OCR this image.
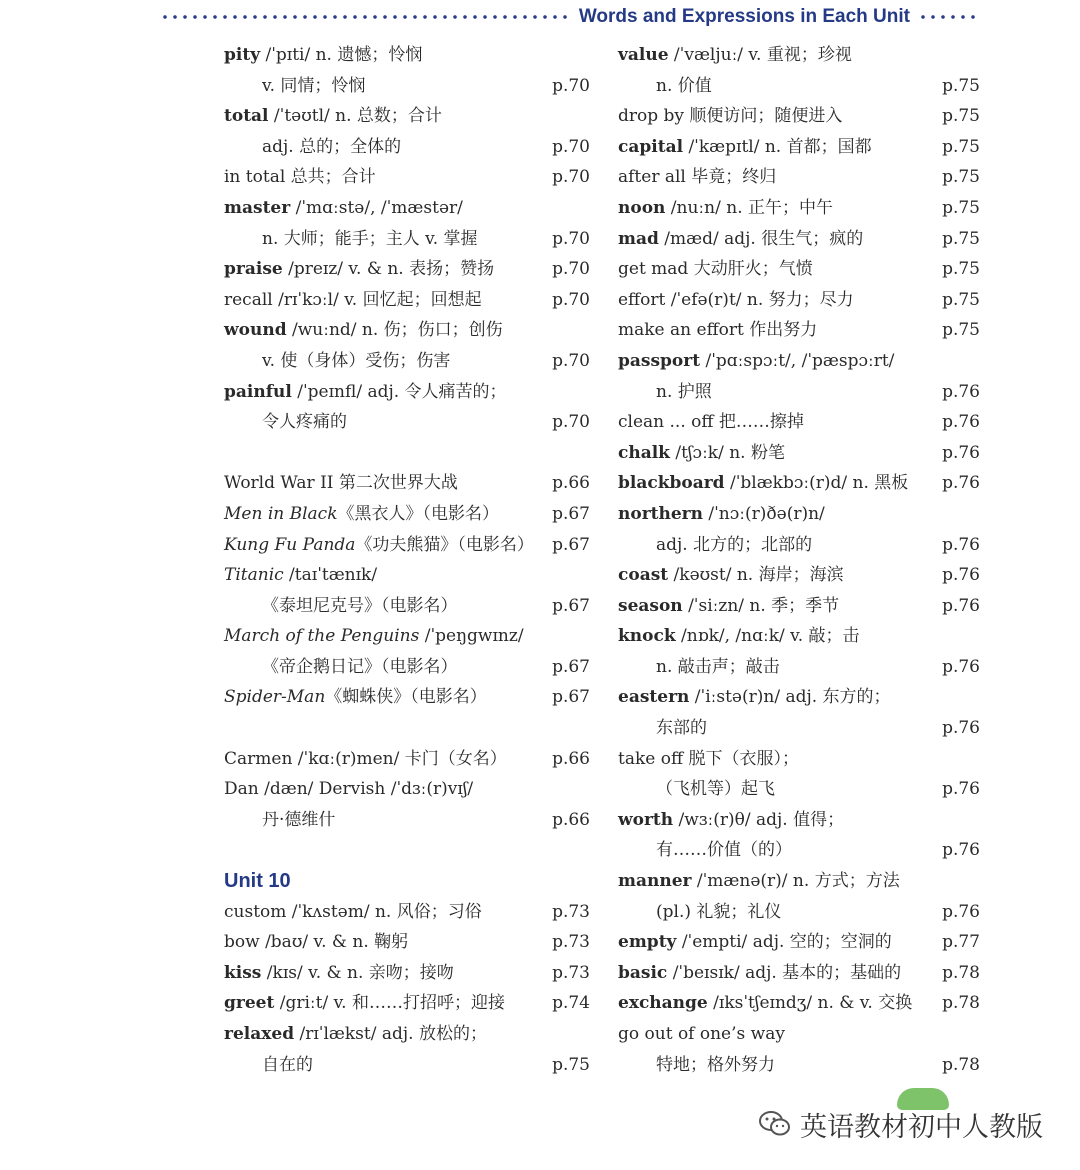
Words and Expressions in Each Unit
pity /ˈpɪti/ n. 遗憾；怜悯
v. 同情；怜悯	p.70
total /ˈtəʊtl/ n. 总数；合计
adj. 总的；全体的	p.70
in total 总共；合计	p.70
master /ˈmɑːstə/, /ˈmæstər/
n. 大师；能手；主人 v. 掌握	p.70
praise /preɪz/ v. & n. 表扬；赞扬	p.70
recall /rɪˈkɔːl/ v. 回忆起；回想起	p.70
wound /wuːnd/ n. 伤；伤口；创伤
v. 使（身体）受伤；伤害	p.70
painful /ˈpeɪnfl/ adj. 令人痛苦的；
令人疼痛的	p.70
World War II 第二次世界大战	p.66
Men in Black《黑衣人》（电影名）	p.67
Kung Fu Panda《功夫熊猫》（电影名） p.67
Titanic /taɪˈtænɪk/
《泰坦尼克号》（电影名）	p.67
March of the Penguins /ˈpeŋgwɪnz/
《帝企鹅日记》（电影名）	p.67
Spider-Man《蜘蛛侠》（电影名）	p.67
Carmen /ˈkɑː(r)men/ 卡门（女名）	p.66
Dan /dæn/ Dervish /ˈdɜː(r)vɪʃ/
丹·德维什	p.66
Unit 10
custom /ˈkʌstəm/ n. 风俗；习俗	p.73
bow /baʊ/ v. & n. 鞠躬	p.73
kiss /kɪs/ v. & n. 亲吻；接吻	p.73
greet /griːt/ v. 和……打招呼；迎接	p.74
relaxed /rɪˈlækst/ adj. 放松的；
自在的	p.75
value /ˈvæljuː/ v. 重视；珍视
n. 价值	p.75
drop by 顺便访问；随便进入	p.75
capital /ˈkæpɪtl/ n. 首都；国都	p.75
after all 毕竟；终归	p.75
noon /nuːn/ n. 正午；中午	p.75
mad /mæd/ adj. 很生气；疯的	p.75
get mad 大动肝火；气愤	p.75
effort /ˈefə(r)t/ n. 努力；尽力	p.75
make an effort 作出努力	p.75
passport /ˈpɑːspɔːt/, /ˈpæspɔːrt/
n. 护照	p.76
clean ... off 把……擦掉	p.76
chalk /tʃɔːk/ n. 粉笔	p.76
blackboard /ˈblækbɔː(r)d/ n. 黑板 p.76
northern /ˈnɔː(r)ðə(r)n/
adj. 北方的；北部的	p.76
coast /kəʊst/ n. 海岸；海滨	p.76
season /ˈsiːzn/ n. 季；季节	p.76
knock /nɒk/, /nɑːk/ v. 敲；击
n. 敲击声；敲击	p.76
eastern /ˈiːstə(r)n/ adj. 东方的；
东部的	p.76
take off 脱下（衣服）；
（飞机等）起飞	p.76
worth /wɜː(r)θ/ adj. 值得；
有……价值（的）	p.76
manner /ˈmænə(r)/ n. 方式；方法
(pl.) 礼貌；礼仪	p.76
empty /ˈempti/ adj. 空的；空洞的	p.77
basic /ˈbeɪsɪk/ adj. 基本的；基础的 p.78
exchange /ɪksˈtʃeɪndʒ/ n. & v. 交换 p.78
go out of one’s way
特地；格外努力	p.78
英语教材初中人教版
